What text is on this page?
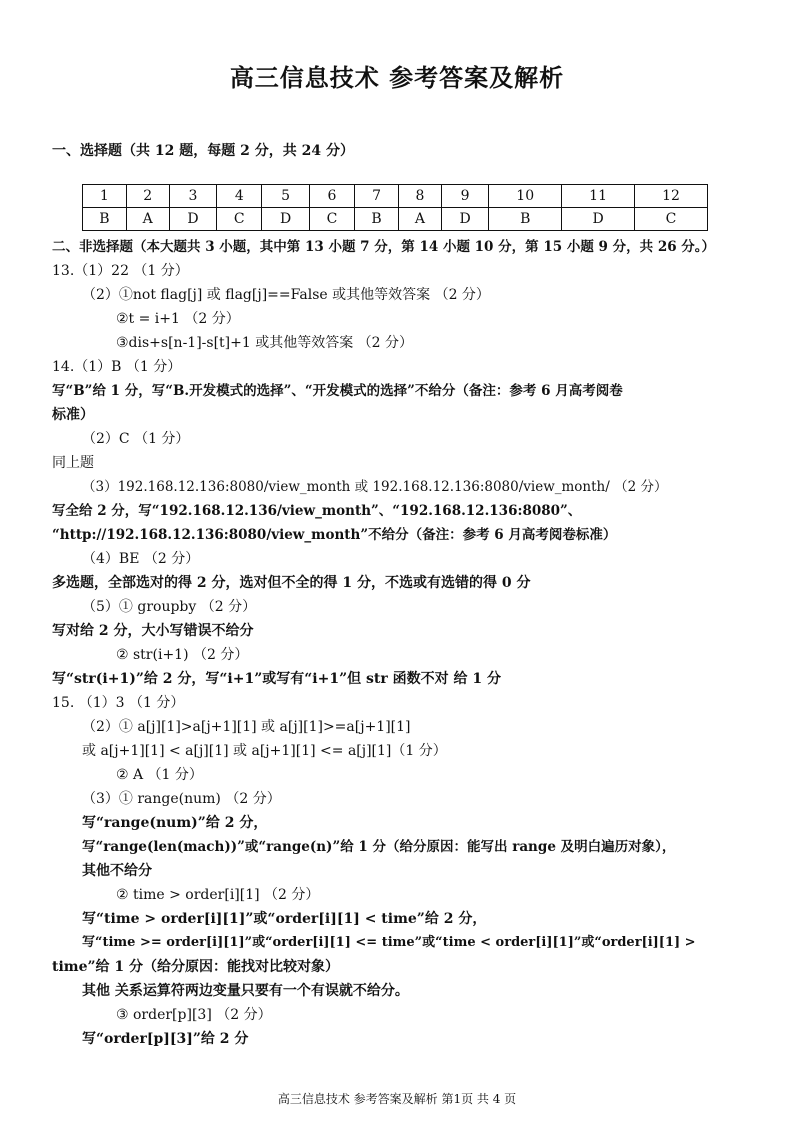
高三信息技术 参考答案及解析
一、选择题（共 12 题，每题 2 分，共 24 分）
1	2	3	4	5	6	7	8	9	10	11	12
B	A	D	C	D	C	B	A	D	B	D	C
二、非选择题（本大题共 3 小题，其中第 13 小题 7 分，第 14 小题 10 分，第 15 小题 9 分，共 26 分。）
13.（1）22 （1 分）
（2）①not flag[j] 或 flag[j]==False 或其他等效答案 （2 分）
②t = i+1 （2 分）
③dis+s[n-1]-s[t]+1 或其他等效答案 （2 分）
14.（1）B （1 分）
写“B”给 1 分，写“B.开发模式的选择”、“开发模式的选择”不给分（备注：参考 6 月高考阅卷
标准）
（2）C （1 分）
同上题
（3）192.168.12.136:8080/view_month 或 192.168.12.136:8080/view_month/ （2 分）
写全给 2 分，写“192.168.12.136/view_month”、“192.168.12.136:8080”、
“http://192.168.12.136:8080/view_month”不给分（备注：参考 6 月高考阅卷标准）
（4）BE （2 分）
多选题，全部选对的得 2 分，选对但不全的得 1 分，不选或有选错的得 0 分
（5）① groupby （2 分）
写对给 2 分，大小写错误不给分
② str(i+1) （2 分）
写“str(i+1)”给 2 分，写“i+1”或写有“i+1”但 str 函数不对 给 1 分
15. （1）3 （1 分）
（2）① a[j][1]>a[j+1][1] 或 a[j][1]>=a[j+1][1]
或 a[j+1][1] < a[j][1] 或 a[j+1][1] <= a[j][1]（1 分）
② A （1 分）
（3）① range(num) （2 分）
写“range(num)”给 2 分，
写“range(len(mach))”或“range(n)”给 1 分（给分原因：能写出 range 及明白遍历对象），
其他不给分
② time > order[i][1] （2 分）
写“time > order[i][1]”或“order[i][1] < time”给 2 分，
写“time >= order[i][1]”或“order[i][1] <= time”或“time < order[i][1]”或“order[i][1] >
time”给 1 分（给分原因：能找对比较对象）
其他 关系运算符两边变量只要有一个有误就不给分。
③ order[p][3] （2 分）
写“order[p][3]”给 2 分
高三信息技术 参考答案及解析 第1页 共 4 页
